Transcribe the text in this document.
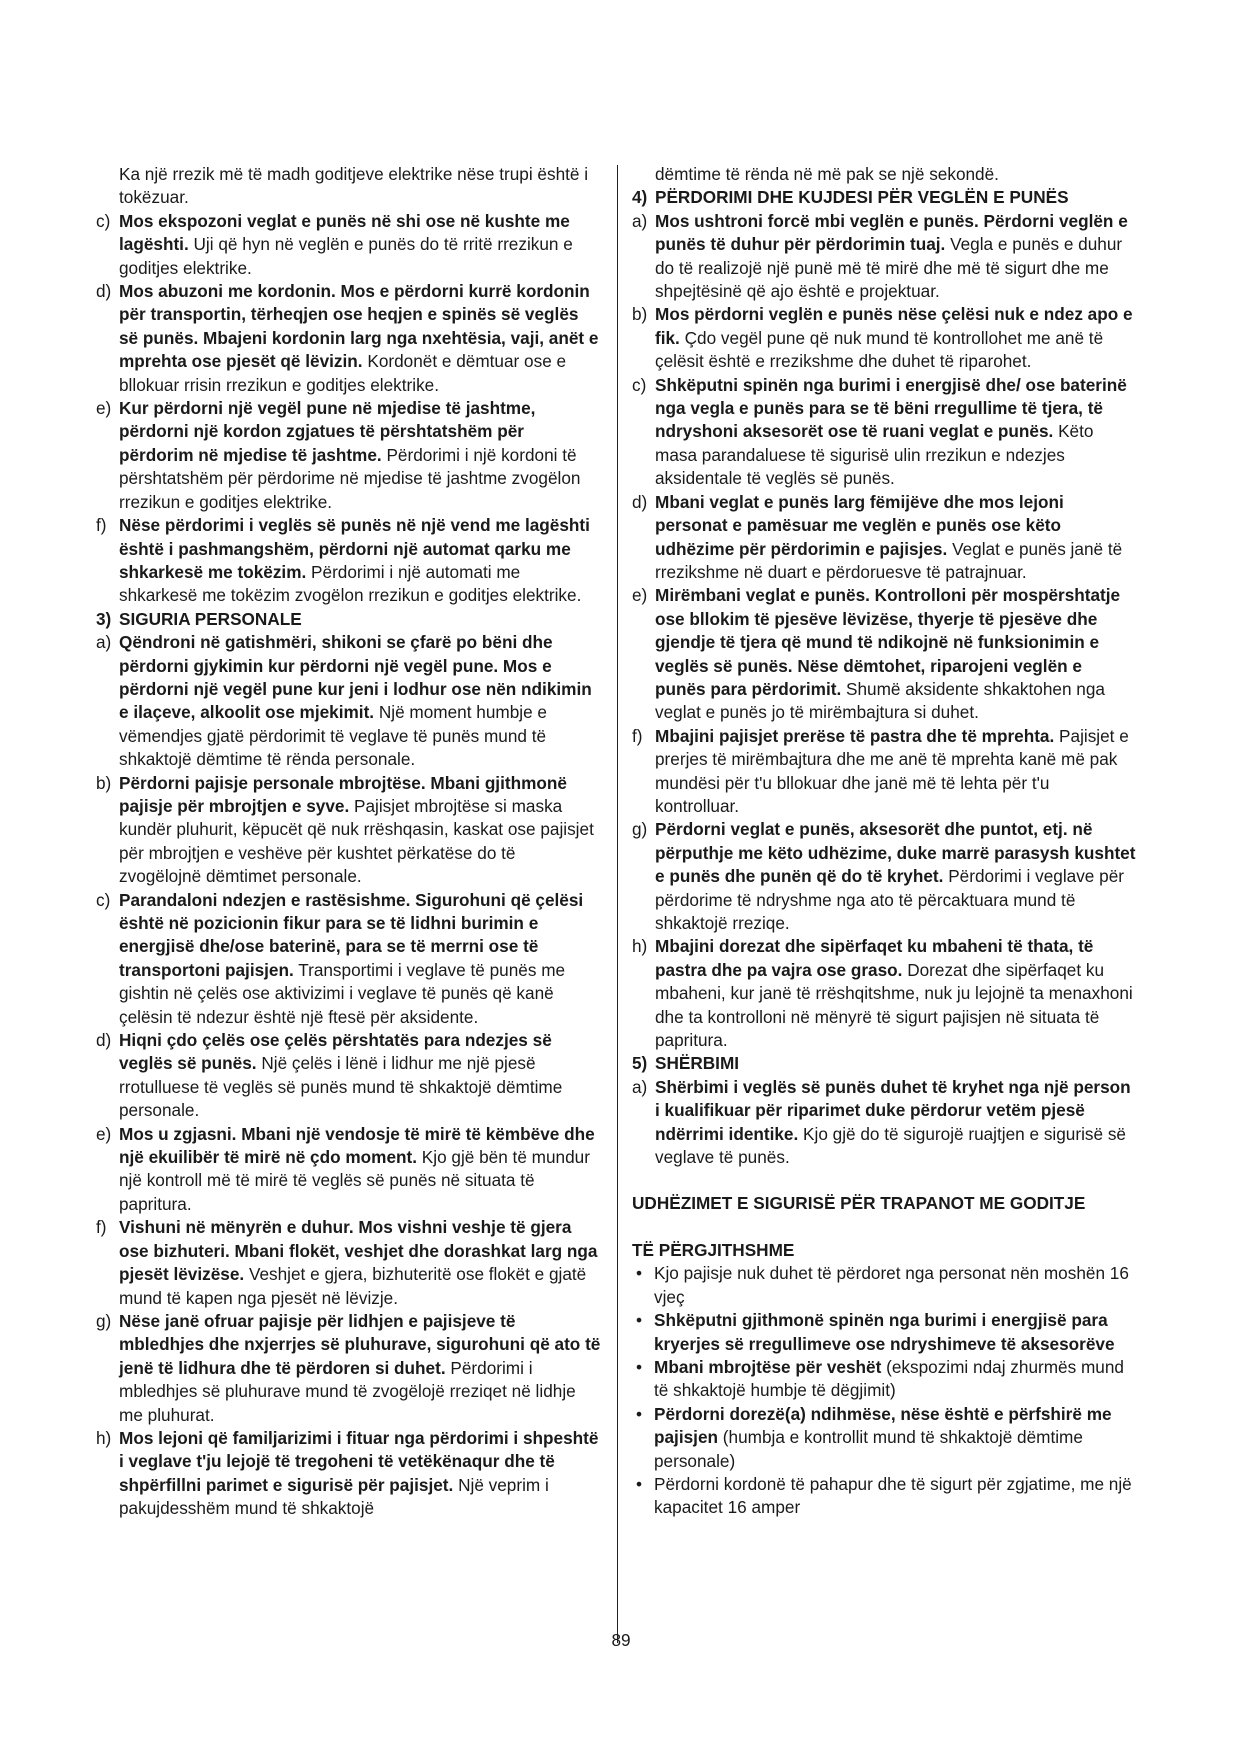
Ka një rrezik më të madh goditjeve elektrike nëse trupi është i tokëzuar.
c) Mos ekspozoni veglat e punës në shi ose në kushte me lagështi. Uji që hyn në veglën e punës do të rritë rrezikun e goditjes elektrike.
d) Mos abuzoni me kordonin. Mos e përdorni kurrë kordonin për transportin, tërheqjen ose heqjen e spinës së veglës së punës. Mbajeni kordonin larg nga nxehtësia, vaji, anët e mprehta ose pjesët që lëvizin. Kordonët e dëmtuar ose e bllokuar rrisin rrezikun e goditjes elektrike.
e) Kur përdorni një vegël pune në mjedise të jashtme, përdorni një kordon zgjatues të përshtatshëm për përdorim në mjedise të jashtme. Përdorimi i një kordoni të përshtatshëm për përdorime në mjedise të jashtme zvogëlon rrezikun e goditjes elektrike.
f) Nëse përdorimi i veglës së punës në një vend me lagështi është i pashmangshëm, përdorni një automat qarku me shkarkesë me tokëzim. Përdorimi i një automati me shkarkesë me tokëzim zvogëlon rrezikun e goditjes elektrike.
3) SIGURIA PERSONALE
a) Qëndroni në gatishmëri, shikoni se çfarë po bëni dhe përdorni gjykimin kur përdorni një vegël pune. Mos e përdorni një vegël pune kur jeni i lodhur ose nën ndikimin e ilaçeve, alkoolit ose mjekimit. Një moment humbje e vëmendjes gjatë përdorimit të veglave të punës mund të shkaktojë dëmtime të rënda personale.
b) Përdorni pajisje personale mbrojtëse. Mbani gjithmonë pajisje për mbrojtjen e syve. Pajisjet mbrojtëse si maska kundër pluhurit, këpucët që nuk rrëshqasin, kaskat ose pajisjet për mbrojtjen e veshëve për kushtet përkatëse do të zvogëlojnë dëmtimet personale.
c) Parandaloni ndezjen e rastësishme. Sigurohuni që çelësi është në pozicionin fikur para se të lidhni burimin e energjisë dhe/ose baterinë, para se të merrni ose të transportoni pajisjen. Transportimi i veglave të punës me gishtin në çelës ose aktivizimi i veglave të punës që kanë çelësin të ndezur është një ftesë për aksidente.
d) Hiqni çdo çelës ose çelës përshtatës para ndezjes së veglës së punës. Një çelës i lënë i lidhur me një pjesë rrotulluese të veglës së punës mund të shkaktojë dëmtime personale.
e) Mos u zgjasni. Mbani një vendosje të mirë të këmbëve dhe një ekuilibër të mirë në çdo moment. Kjo gjë bën të mundur një kontroll më të mirë të veglës së punës në situata të papritura.
f) Vishuni në mënyrën e duhur. Mos vishni veshje të gjera ose bizhuteri. Mbani flokët, veshjet dhe dorashkat larg nga pjesët lëvizëse. Veshjet e gjera, bizhuteritë ose flokët e gjatë mund të kapen nga pjesët në lëvizje.
g) Nëse janë ofruar pajisje për lidhjen e pajisjeve të mbledhjes dhe nxjerrjes së pluhurave, sigurohuni që ato të jenë të lidhura dhe të përdoren si duhet. Përdorimi i mbledhjes së pluhurave mund të zvogëlojë rreziqet në lidhje me pluhurat.
h) Mos lejoni që familjarizimi i fituar nga përdorimi i shpeshtë i veglave t'ju lejojë të tregoheni të vetëkënaqur dhe të shpërfillni parimet e sigurisë për pajisjet. Një veprim i pakujdesshëm mund të shkaktojë
dëmtime të rënda në më pak se një sekondë.
4) PËRDORIMI DHE KUJDESI PËR VEGLËN E PUNËS
a) Mos ushtroni forcë mbi veglën e punës. Përdorni veglën e punës të duhur për përdorimin tuaj. Vegla e punës e duhur do të realizojë një punë më të mirë dhe më të sigurt dhe me shpejtësinë që ajo është e projektuar.
b) Mos përdorni veglën e punës nëse çelësi nuk e ndez apo e fik. Çdo vegël pune që nuk mund të kontrollohet me anë të çelësit është e rrezikshme dhe duhet të riparohet.
c) Shkëputni spinën nga burimi i energjisë dhe/ ose baterinë nga vegla e punës para se të bëni rregullime të tjera, të ndryshoni aksesorët ose të ruani veglat e punës. Këto masa parandaluese të sigurisë ulin rrezikun e ndezjes aksidentale të veglës së punës.
d) Mbani veglat e punës larg fëmijëve dhe mos lejoni personat e pamësuar me veglën e punës ose këto udhëzime për përdorimin e pajisjes. Veglat e punës janë të rrezikshme në duart e përdoruesve të patrajnuar.
e) Mirëmbani veglat e punës. Kontrolloni për mospërshtatje ose bllokim të pjesëve lëvizëse, thyerje të pjesëve dhe gjendje të tjera që mund të ndikojnë në funksionimin e veglës së punës. Nëse dëmtohet, riparojeni veglën e punës para përdorimit. Shumë aksidente shkaktohen nga veglat e punës jo të mirëmbajtura si duhet.
f) Mbajini pajisjet prerëse të pastra dhe të mprehta. Pajisjet e prerjes të mirëmbajtura dhe me anë të mprehta kanë më pak mundësi për t'u bllokuar dhe janë më të lehta për t'u kontrolluar.
g) Përdorni veglat e punës, aksesorët dhe puntot, etj. në përputhje me këto udhëzime, duke marrë parasysh kushtet e punës dhe punën që do të kryhet. Përdorimi i veglave për përdorime të ndryshme nga ato të përcaktuara mund të shkaktojë rreziqe.
h) Mbajini dorezat dhe sipërfaqet ku mbaheni të thata, të pastra dhe pa vajra ose graso. Dorezat dhe sipërfaqet ku mbaheni, kur janë të rrëshqitshme, nuk ju lejojnë ta menaxhoni dhe ta kontrolloni në mënyrë të sigurt pajisjen në situata të papritura.
5) SHËRBIMI
a) Shërbimi i veglës së punës duhet të kryhet nga një person i kualifikuar për riparimet duke përdorur vetëm pjesë ndërrimi identike. Kjo gjë do të sigurojë ruajtjen e sigurisë së veglave të punës.
UDHËZIMET E SIGURISË PËR TRAPANOT ME GODITJE
TË PËRGJITHSHME
• Kjo pajisje nuk duhet të përdoret nga personat nën moshën 16 vjeç
• Shkëputni gjithmonë spinën nga burimi i energjisë para kryerjes së rregullimeve ose ndryshimeve të aksesorëve
• Mbani mbrojtëse për veshët (ekspozimi ndaj zhurmës mund të shkaktojë humbje të dëgjimit)
• Përdorni dorezë(a) ndihmëse, nëse është e përfshirë me pajisjen (humbja e kontrollit mund të shkaktojë dëmtime personale)
• Përdorni kordonë të pahapur dhe të sigurt për zgjatime, me një kapacitet 16 amper
89
